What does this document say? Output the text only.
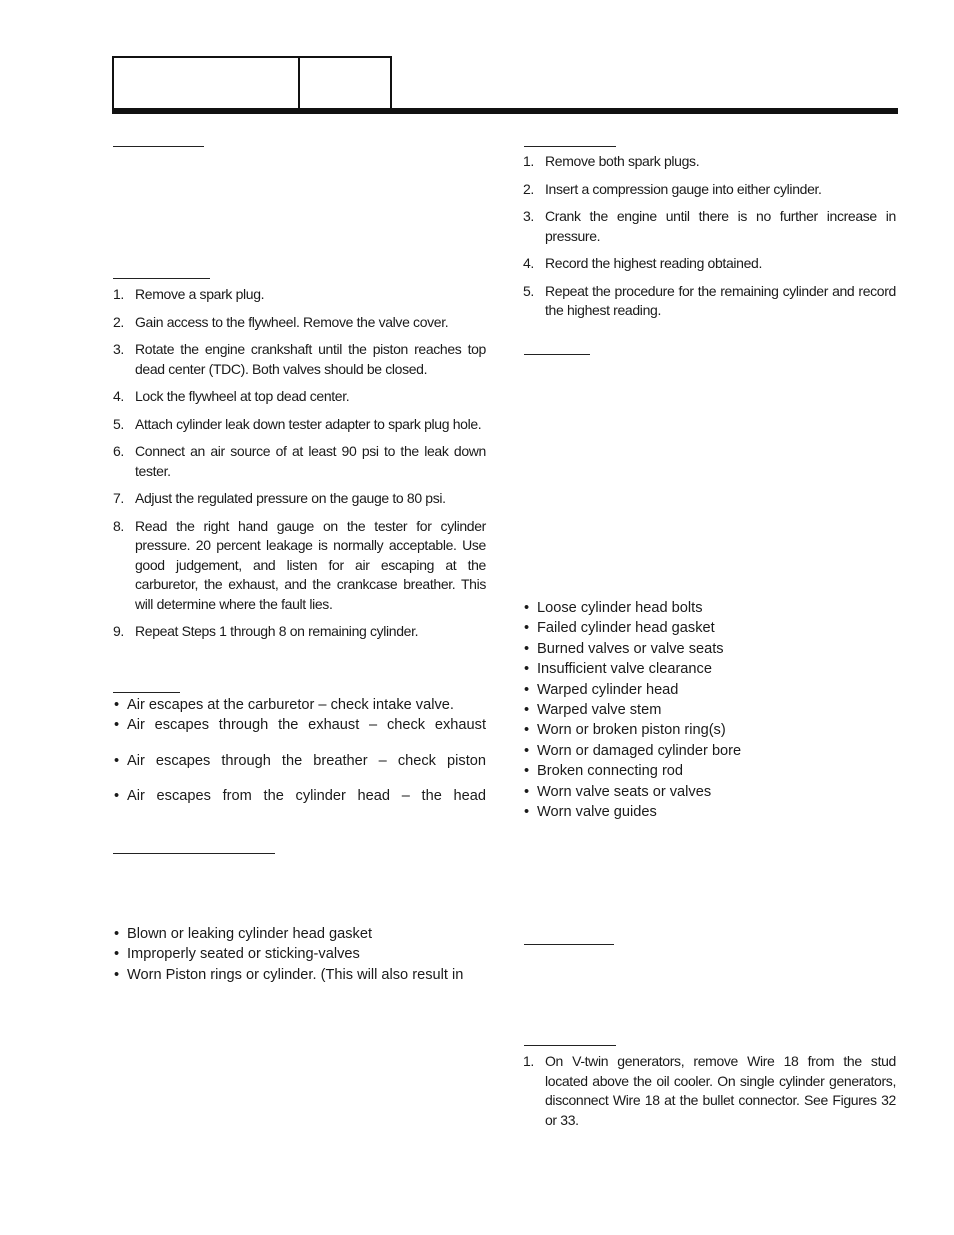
1. Remove a spark plug.
2. Gain access to the flywheel. Remove the valve cover.
3. Rotate the engine crankshaft until the piston reaches top dead center (TDC). Both valves should be closed.
4. Lock the flywheel at top dead center.
5. Attach cylinder leak down tester adapter to spark plug hole.
6. Connect an air source of at least 90 psi to the leak down tester.
7. Adjust the regulated pressure on the gauge to 80 psi.
8. Read the right hand gauge on the tester for cylinder pressure. 20 percent leakage is normally acceptable. Use good judgement, and listen for air escaping at the carburetor, the exhaust, and the crankcase breather. This will determine where the fault lies.
9. Repeat Steps 1 through 8 on remaining cylinder.
• Air escapes at the carburetor – check intake valve.
• Air escapes through the exhaust – check exhaust
• Air escapes through the breather – check piston
• Air escapes from the cylinder head – the head
• Blown or leaking cylinder head gasket
• Improperly seated or sticking-valves
• Worn Piston rings or cylinder. (This will also result in
1. Remove both spark plugs.
2. Insert a compression gauge into either cylinder.
3. Crank the engine until there is no further increase in pressure.
4. Record the highest reading obtained.
5. Repeat the procedure for the remaining cylinder and record the highest reading.
• Loose cylinder head bolts
• Failed cylinder head gasket
• Burned valves or valve seats
• Insufficient valve clearance
• Warped cylinder head
• Warped valve stem
• Worn or broken piston ring(s)
• Worn or damaged cylinder bore
• Broken connecting rod
• Worn valve seats or valves
• Worn valve guides
1. On V-twin generators, remove Wire 18 from the stud located above the oil cooler. On single cylinder generators, disconnect Wire 18 at the bullet connector. See Figures 32 or 33.
